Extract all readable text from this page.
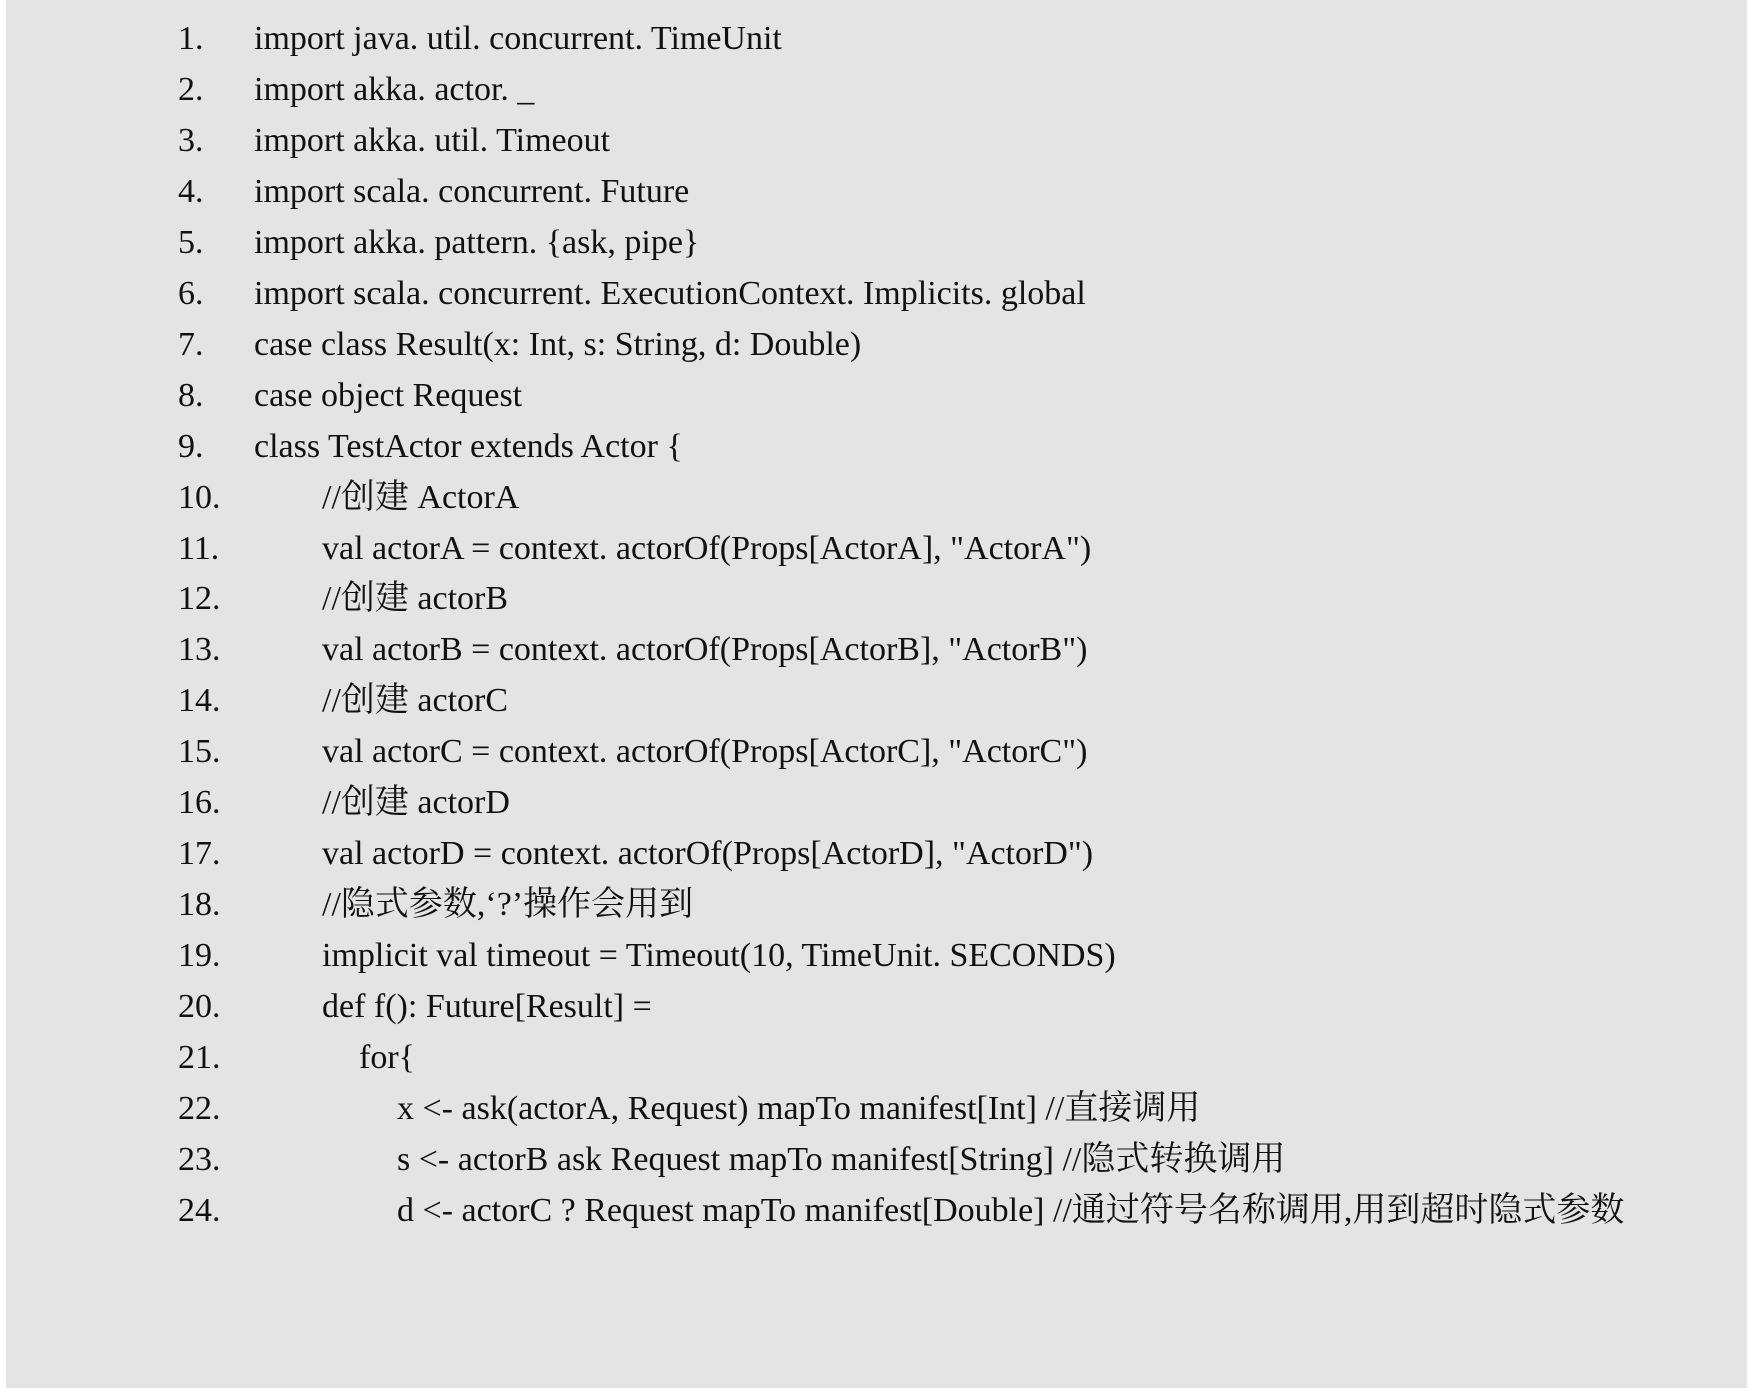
1. import java. util. concurrent. TimeUnit
2. import akka. actor. _
3. import akka. util. Timeout
4. import scala. concurrent. Future
5. import akka. pattern. {ask, pipe}
6. import scala. concurrent. ExecutionContext. Implicits. global
7. case class Result(x: Int, s: String, d: Double)
8. case object Request
9. class TestActor extends Actor {
10.	//创建 ActorA
11.	val actorA = context. actorOf(Props[ActorA], "ActorA")
12.	//创建 actorB
13.	val actorB = context. actorOf(Props[ActorB], "ActorB")
14.	//创建 actorC
15.	val actorC = context. actorOf(Props[ActorC], "ActorC")
16.	//创建 actorD
17.	val actorD = context. actorOf(Props[ActorD], "ActorD")
18.	//隐式参数,‘?’操作会用到
19.	implicit val timeout = Timeout(10, TimeUnit. SECONDS)
20.	def f(): Future[Result] =
21.	for{
22.	x <- ask(actorA, Request) mapTo manifest[Int] //直接调用
23.	s <- actorB ask Request mapTo manifest[String] //隐式转换调用
24.	d <- actorC ? Request mapTo manifest[Double] //通过符号名称调用,用到超时隐式参数
